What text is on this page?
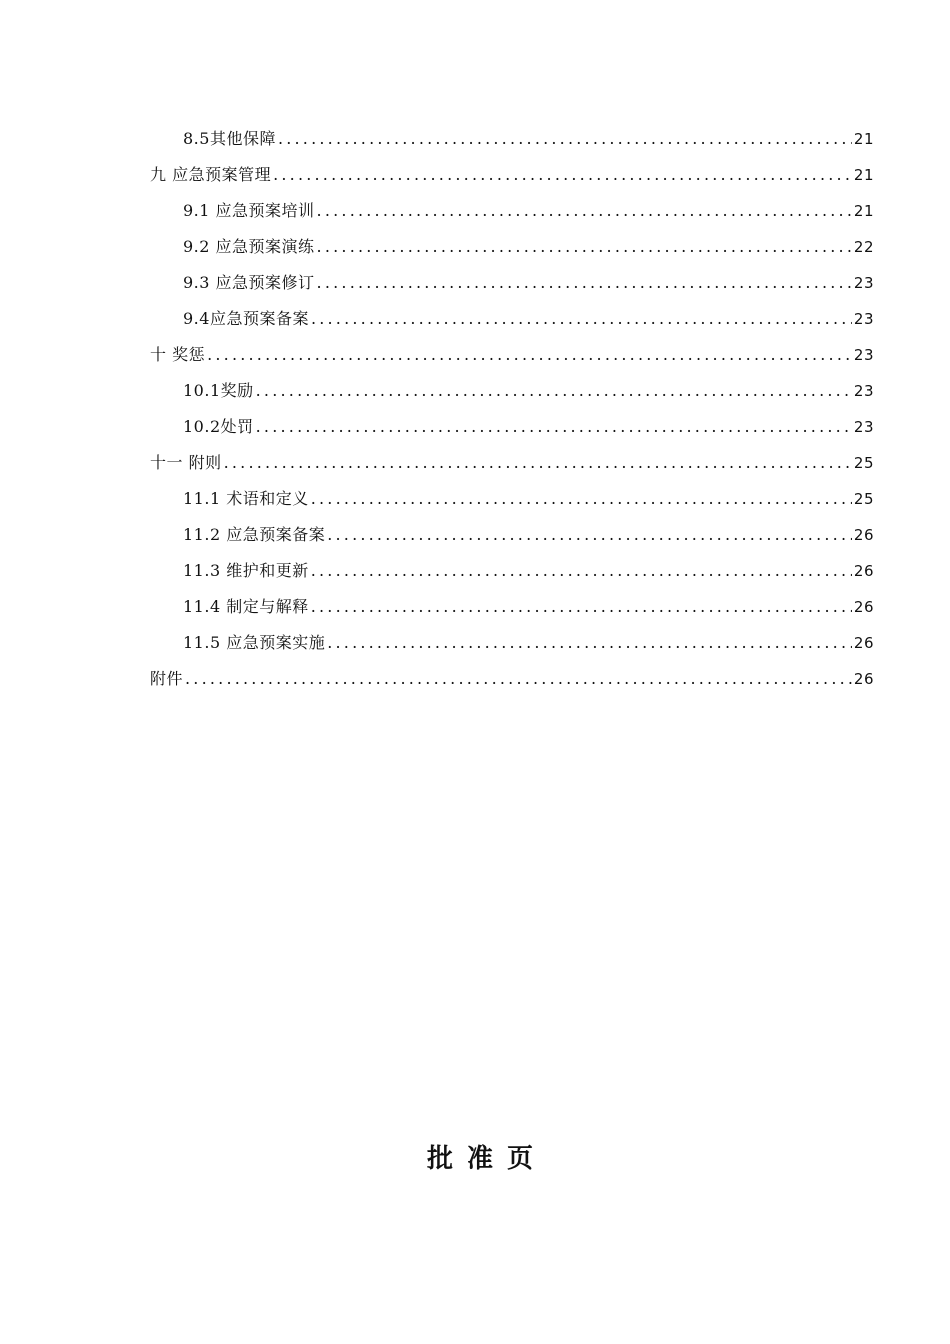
8.5其他保障 .....	21
九 应急预案管理 .....	21
9.1 应急预案培训 .....	21
9.2 应急预案演练 .....	22
9.3 应急预案修订 .....	23
9.4应急预案备案 .....	23
十 奖惩 .....	23
10.1奖励 .....	23
10.2处罚 .....	23
十一 附则 .....	25
11.1 术语和定义 .....	25
11.2 应急预案备案 .....	26
11.3 维护和更新 .....	26
11.4 制定与解释 .....	26
11.5 应急预案实施 .....	26
附件 .....	26
批准页
